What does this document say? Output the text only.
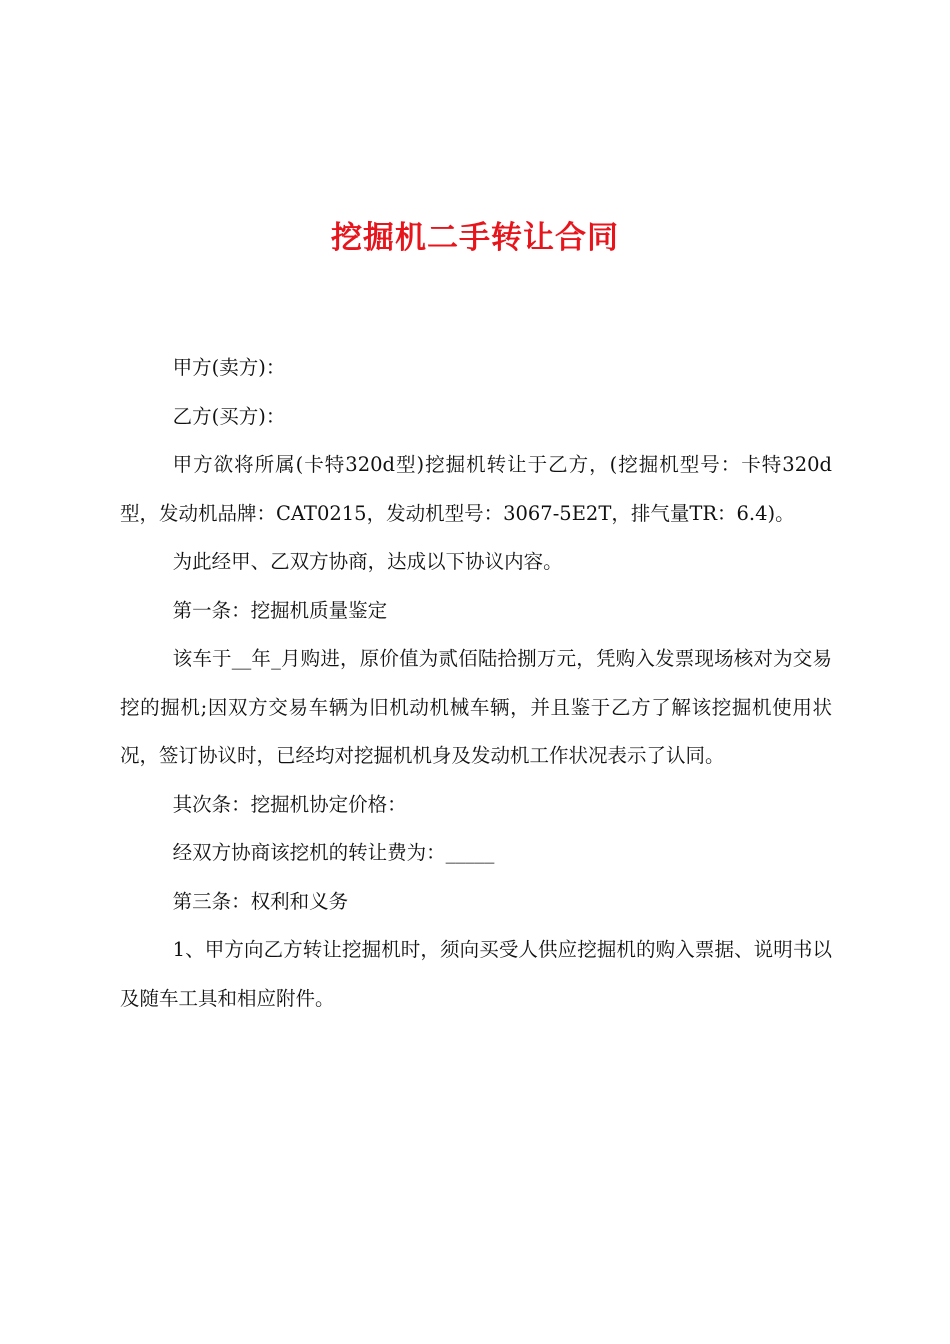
挖掘机二手转让合同

甲方(卖方)：

乙方(买方)：

甲方欲将所属(卡特320d型)挖掘机转让于乙方，(挖掘机型号：卡特320d型，发动机品牌：CAT0215，发动机型号：3067-5E2T，排气量TR：6.4)。

为此经甲、乙双方协商，达成以下协议内容。

第一条：挖掘机质量鉴定

该车于__年_月购进，原价值为贰佰陆拾捌万元，凭购入发票现场核对为交易挖的掘机;因双方交易车辆为旧机动机械车辆，并且鉴于乙方了解该挖掘机使用状况，签订协议时，已经均对挖掘机机身及发动机工作状况表示了认同。

其次条：挖掘机协定价格：

经双方协商该挖机的转让费为：_____

第三条：权利和义务

1、甲方向乙方转让挖掘机时，须向买受人供应挖掘机的购入票据、说明书以及随车工具和相应附件。
